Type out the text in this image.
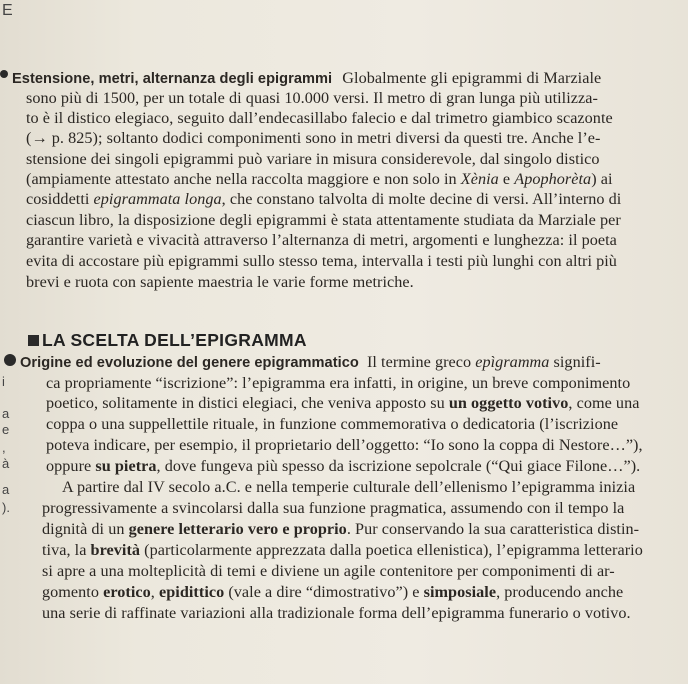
E
Estensione, metri, alternanza degli epigrammi Globalmente gli epigrammi di Marziale
sono più di 1500, per un totale di quasi 10.000 versi. Il metro di gran lunga più utilizza-
to è il distico elegiaco, seguito dall’endecasillabo falecio e dal trimetro giambico scazonte
(→ p. 825); soltanto dodici componimenti sono in metri diversi da questi tre. Anche l’e-
stensione dei singoli epigrammi può variare in misura considerevole, dal singolo distico
(ampiamente attestato anche nella raccolta maggiore e non solo in Xènia e Apophorèta) ai
cosiddetti epigrammata longa, che constano talvolta di molte decine di versi. All’interno di
ciascun libro, la disposizione degli epigrammi è stata attentamente studiata da Marziale per
garantire varietà e vivacità attraverso l’alternanza di metri, argomenti e lunghezza: il poeta
evita di accostare più epigrammi sullo stesso tema, intervalla i testi più lunghi con altri più
brevi e ruota con sapiente maestria le varie forme metriche.
LA SCELTA DELL’EPIGRAMMA
Origine ed evoluzione del genere epigrammatico Il termine greco epìgramma signifi-
i
a
e
,
à
a
).
ca propriamente “iscrizione”: l’epigramma era infatti, in origine, un breve componimento
poetico, solitamente in distici elegiaci, che veniva apposto su un oggetto votivo, come una
coppa o una suppellettile rituale, in funzione commemorativa o dedicatoria (l’iscrizione
poteva indicare, per esempio, il proprietario dell’oggetto: “Io sono la coppa di Nestore…”),
oppure su pietra, dove fungeva più spesso da iscrizione sepolcrale (“Qui giace Filone…”).
A partire dal IV secolo a.C. e nella temperie culturale dell’ellenismo l’epigramma inizia
progressivamente a svincolarsi dalla sua funzione pragmatica, assumendo con il tempo la
dignità di un genere letterario vero e proprio. Pur conservando la sua caratteristica distin-
tiva, la brevità (particolarmente apprezzata dalla poetica ellenistica), l’epigramma letterario
si apre a una molteplicità di temi e diviene un agile contenitore per componimenti di ar-
gomento erotico, epidittico (vale a dire “dimostrativo”) e simposiale, producendo anche
una serie di raffinate variazioni alla tradizionale forma dell’epigramma funerario o votivo.
